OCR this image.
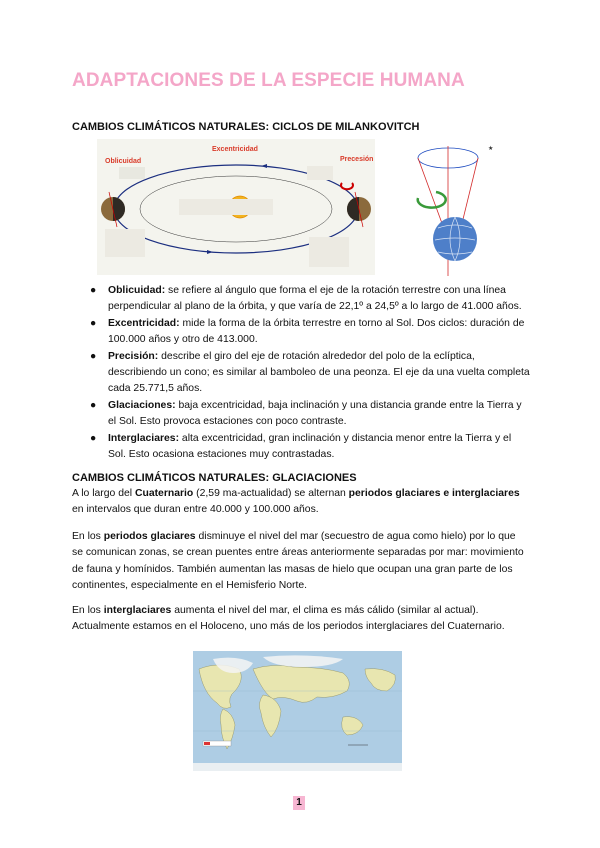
ADAPTACIONES DE LA ESPECIE HUMANA
CAMBIOS CLIMÁTICOS NATURALES: CICLOS DE MILANKOVITCH
Oblicuidad
Excentricidad
Precesión
★
● Oblicuidad: se refiere al ángulo que forma el eje de la rotación terrestre con una línea perpendicular al plano de la órbita, y que varía de 22,1º a 24,5º a lo largo de 41.000 años.
● Excentricidad: mide la forma de la órbita terrestre en torno al Sol. Dos ciclos: duración de 100.000 años y otro de 413.000.
● Precisión: describe el giro del eje de rotación alrededor del polo de la eclíptica, describiendo un cono; es similar al bamboleo de una peonza. El eje da una vuelta completa cada 25.771,5 años.
● Glaciaciones: baja excentricidad, baja inclinación y una distancia grande entre la Tierra y el Sol. Esto provoca estaciones con poco contraste.
● Interglaciares: alta excentricidad, gran inclinación y distancia menor entre la Tierra y el Sol. Esto ocasiona estaciones muy contrastadas.
CAMBIOS CLIMÁTICOS NATURALES: GLACIACIONES

A lo largo del Cuaternario (2,59 ma-actualidad) se alternan periodos glaciares e interglaciares en intervalos que duran entre 40.000 y 100.000 años.

En los periodos glaciares disminuye el nivel del mar (secuestro de agua como hielo) por lo que se comunican zonas, se crean puentes entre áreas anteriormente separadas por mar: movimiento de fauna y homínidos. También aumentan las masas de hielo que ocupan una gran parte de los continentes, especialmente en el Hemisferio Norte.

En los interglaciares aumenta el nivel del mar, el clima es más cálido (similar al actual). Actualmente estamos en el Holoceno, uno más de los periodos interglaciares del Cuaternario.

1
